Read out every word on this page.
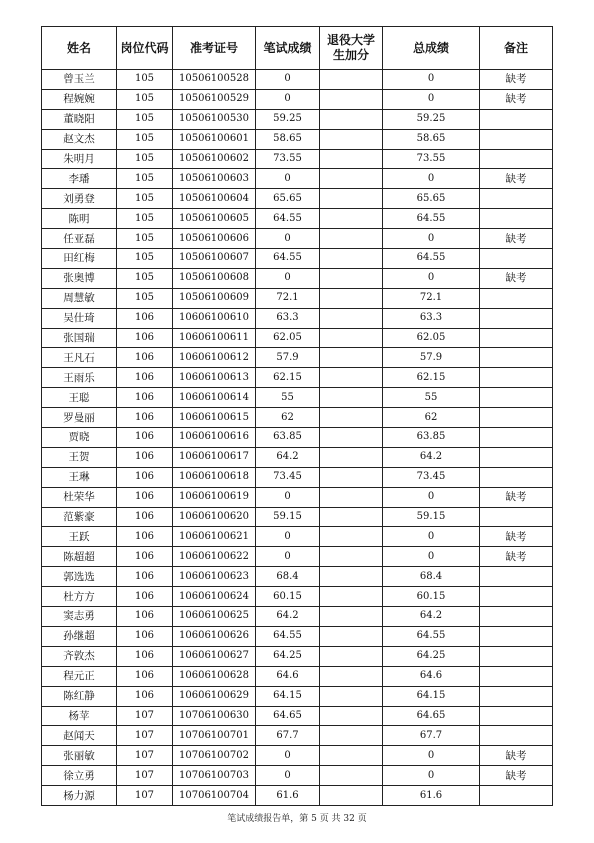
姓名	岗位代码	准考证号	笔试成绩	退役大学生加分	总成绩	备注
曾玉兰	105	10506100528	0		0	缺考
程婉婉	105	10506100529	0		0	缺考
董晓阳	105	10506100530	59.25		59.25	
赵文杰	105	10506100601	58.65		58.65	
朱明月	105	10506100602	73.55		73.55	
李璠	105	10506100603	0		0	缺考
刘勇登	105	10506100604	65.65		65.65	
陈明	105	10506100605	64.55		64.55	
任亚磊	105	10506100606	0		0	缺考
田红梅	105	10506100607	64.55		64.55	
张奥博	105	10506100608	0		0	缺考
周慧敏	105	10506100609	72.1		72.1	
吴仕琦	106	10606100610	63.3		63.3	
张国瑞	106	10606100611	62.05		62.05	
王凡石	106	10606100612	57.9		57.9	
王雨乐	106	10606100613	62.15		62.15	
王聪	106	10606100614	55		55	
罗曼丽	106	10606100615	62		62	
贾晓	106	10606100616	63.85		63.85	
王贺	106	10606100617	64.2		64.2	
王琳	106	10606100618	73.45		73.45	
杜荣华	106	10606100619	0		0	缺考
范紫豪	106	10606100620	59.15		59.15	
王跃	106	10606100621	0		0	缺考
陈超超	106	10606100622	0		0	缺考
郭选选	106	10606100623	68.4		68.4	
杜方方	106	10606100624	60.15		60.15	
窦志勇	106	10606100625	64.2		64.2	
孙继超	106	10606100626	64.55		64.55	
齐敦杰	106	10606100627	64.25		64.25	
程元正	106	10606100628	64.6		64.6	
陈红静	106	10606100629	64.15		64.15	
杨苹	107	10706100630	64.65		64.65	
赵闻天	107	10706100701	67.7		67.7	
张丽敏	107	10706100702	0		0	缺考
徐立勇	107	10706100703	0		0	缺考
杨力源	107	10706100704	61.6		61.6	
笔试成绩报告单，第 5 页 共 32 页
